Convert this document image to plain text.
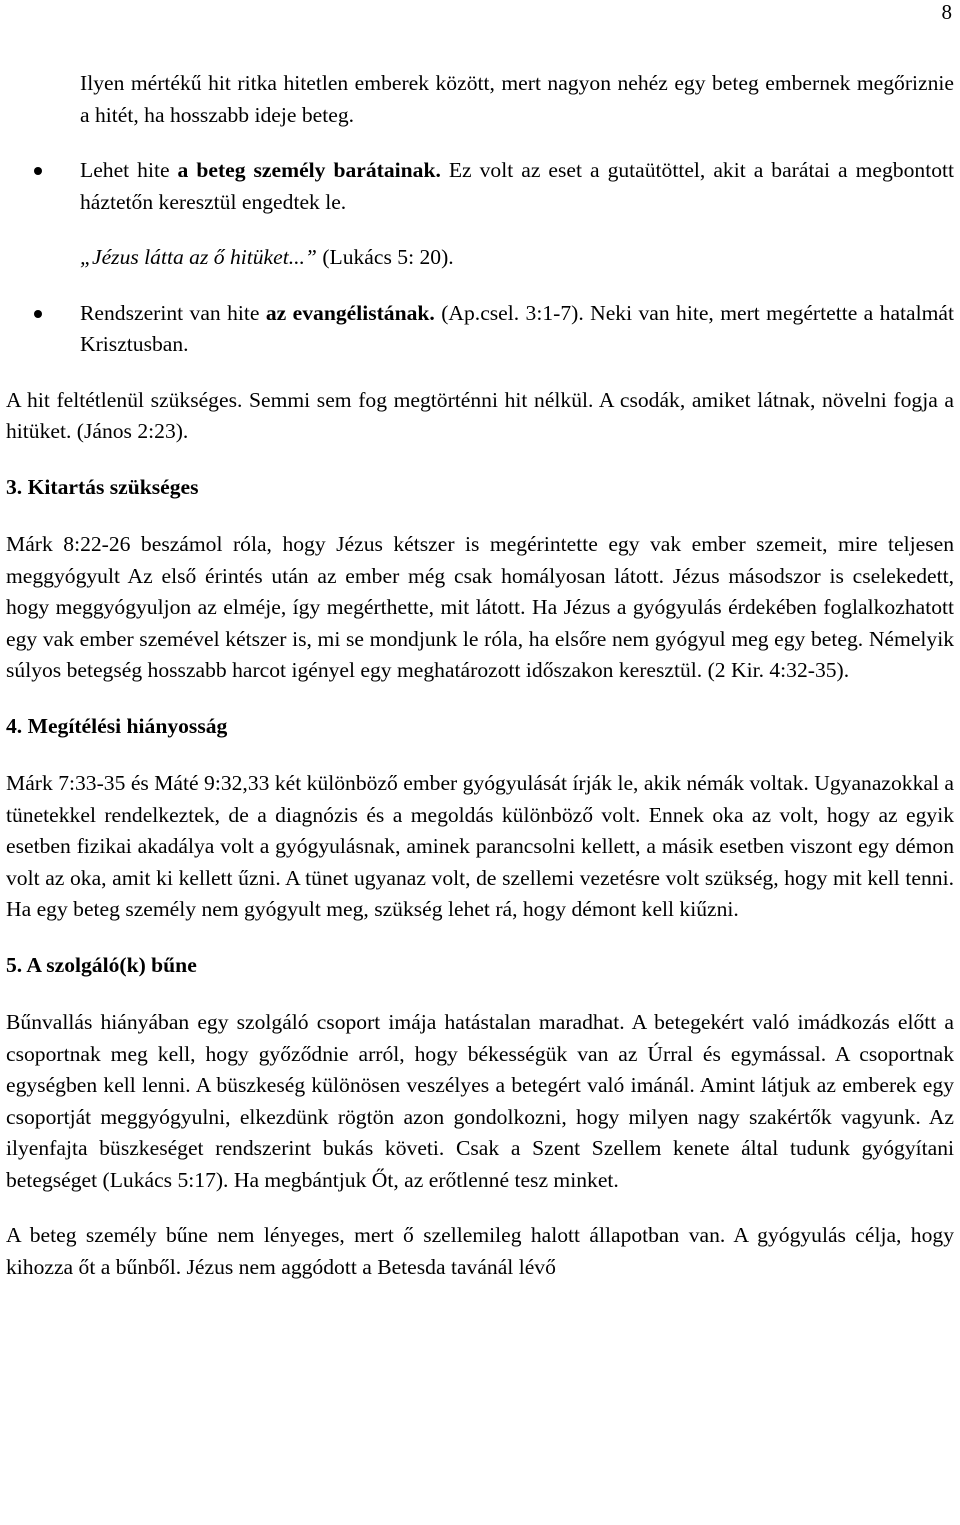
8

Ilyen mértékű hit ritka hitetlen emberek között, mert nagyon nehéz egy beteg embernek megőriznie a hitét, ha hosszabb ideje beteg.

Lehet hite a beteg személy barátainak. Ez volt az eset a gutaütöttel, akit a barátai a megbontott háztetőn keresztül engedtek le.

„Jézus látta az ő hitüket...” (Lukács 5: 20).

Rendszerint van hite az evangélistának. (Ap.csel. 3:1-7). Neki van hite, mert megértette a hatalmát Krisztusban.

A hit feltétlenül szükséges. Semmi sem fog megtörténni hit nélkül. A csodák, amiket látnak, növelni fogja a hitüket. (János 2:23).

3. Kitartás szükséges

Márk 8:22-26 beszámol róla, hogy Jézus kétszer is megérintette egy vak ember szemeit, mire teljesen meggyógyult Az első érintés után az ember még csak homályosan látott. Jézus másodszor is cselekedett, hogy meggyógyuljon az elméje, így megérthette, mit látott. Ha Jézus a gyógyulás érdekében foglalkozhatott egy vak ember szemével kétszer is, mi se mondjunk le róla, ha elsőre nem gyógyul meg egy beteg. Némelyik súlyos betegség hosszabb harcot igényel egy meghatározott időszakon keresztül. (2 Kir. 4:32-35).

4. Megítélési hiányosság

Márk 7:33-35 és Máté 9:32,33 két különböző ember gyógyulását írják le, akik némák voltak. Ugyanazokkal a tünetekkel rendelkeztek, de a diagnózis és a megoldás különböző volt. Ennek oka az volt, hogy az egyik esetben fizikai akadálya volt a gyógyulásnak, aminek parancsolni kellett, a másik esetben viszont egy démon volt az oka, amit ki kellett űzni. A tünet ugyanaz volt, de szellemi vezetésre volt szükség, hogy mit kell tenni. Ha egy beteg személy nem gyógyult meg, szükség lehet rá, hogy démont kell kiűzni.

5. A szolgáló(k) bűne

Bűnvallás hiányában egy szolgáló csoport imája hatástalan maradhat. A betegekért való imádkozás előtt a csoportnak meg kell, hogy győződnie arról, hogy békességük van az Úrral és egymással. A csoportnak egységben kell lenni. A büszkeség különösen veszélyes a betegért való imánál. Amint látjuk az emberek egy csoportját meggyógyulni, elkezdünk rögtön azon gondolkozni, hogy milyen nagy szakértők vagyunk. Az ilyenfajta büszkeséget rendszerint bukás követi. Csak a Szent Szellem kenete által tudunk gyógyítani betegséget (Lukács 5:17). Ha megbántjuk Őt, az erőtlenné tesz minket.

A beteg személy bűne nem lényeges, mert ő szellemileg halott állapotban van. A gyógyulás célja, hogy kihozza őt a bűnből. Jézus nem aggódott a Betesda tavánál lévő
